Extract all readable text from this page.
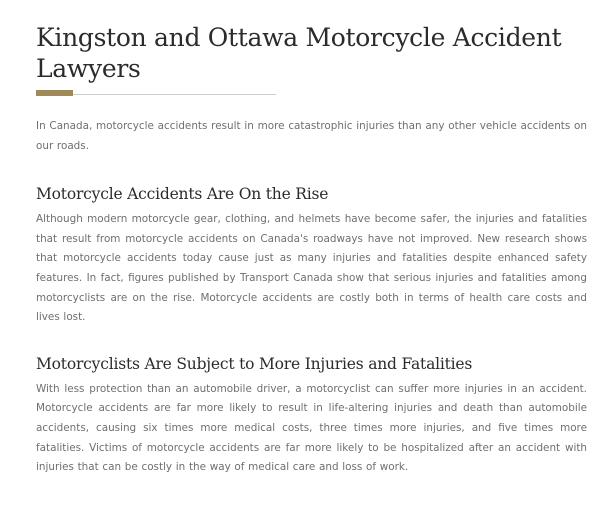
Kingston and Ottawa Motorcycle Accident Lawyers

In Canada, motorcycle accidents result in more catastrophic injuries than any other vehicle accidents on our roads.

Motorcycle Accidents Are On the Rise

Although modern motorcycle gear, clothing, and helmets have become safer, the injuries and fatalities that result from motorcycle accidents on Canada's roadways have not improved. New research shows that motorcycle accidents today cause just as many injuries and fatalities despite enhanced safety features. In fact, figures published by Transport Canada show that serious injuries and fatalities among motorcyclists are on the rise. Motorcycle accidents are costly both in terms of health care costs and lives lost.

Motorcyclists Are Subject to More Injuries and Fatalities

With less protection than an automobile driver, a motorcyclist can suffer more injuries in an accident. Motorcycle accidents are far more likely to result in life-altering injuries and death than automobile accidents, causing six times more medical costs, three times more injuries, and five times more fatalities. Victims of motorcycle accidents are far more likely to be hospitalized after an accident with injuries that can be costly in the way of medical care and loss of work.
